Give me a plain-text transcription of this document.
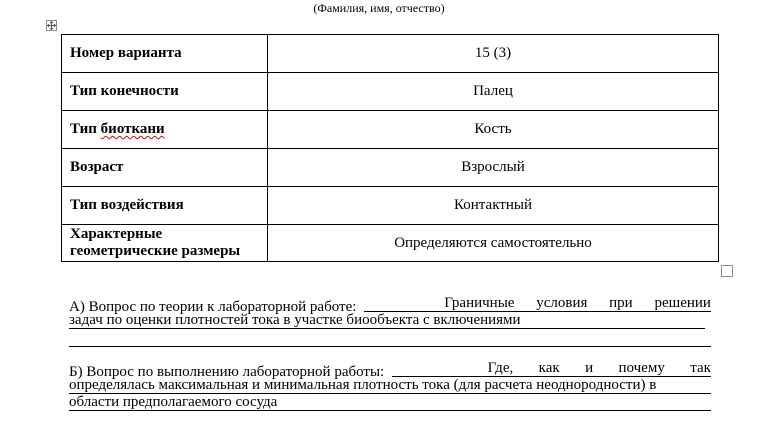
(Фамилия, имя, отчество)
Номер варианта	15 (3)
Тип конечности	Палец
Тип биоткани	Кость
Возраст	Взрослый
Тип воздействия	Контактный

Характерные
геометрические размеры	Определяются самостоятельно
А) Вопрос по теории к лабораторной работе:	Граничные условия при решении
задач по оценки плотностей тока в участке биообъекта с включениями
Б) Вопрос по выполнению лабораторной работы:	Где, как и почему так
определялась максимальная и минимальная плотность тока (для расчета неоднородности) в
области предполагаемого сосуда
